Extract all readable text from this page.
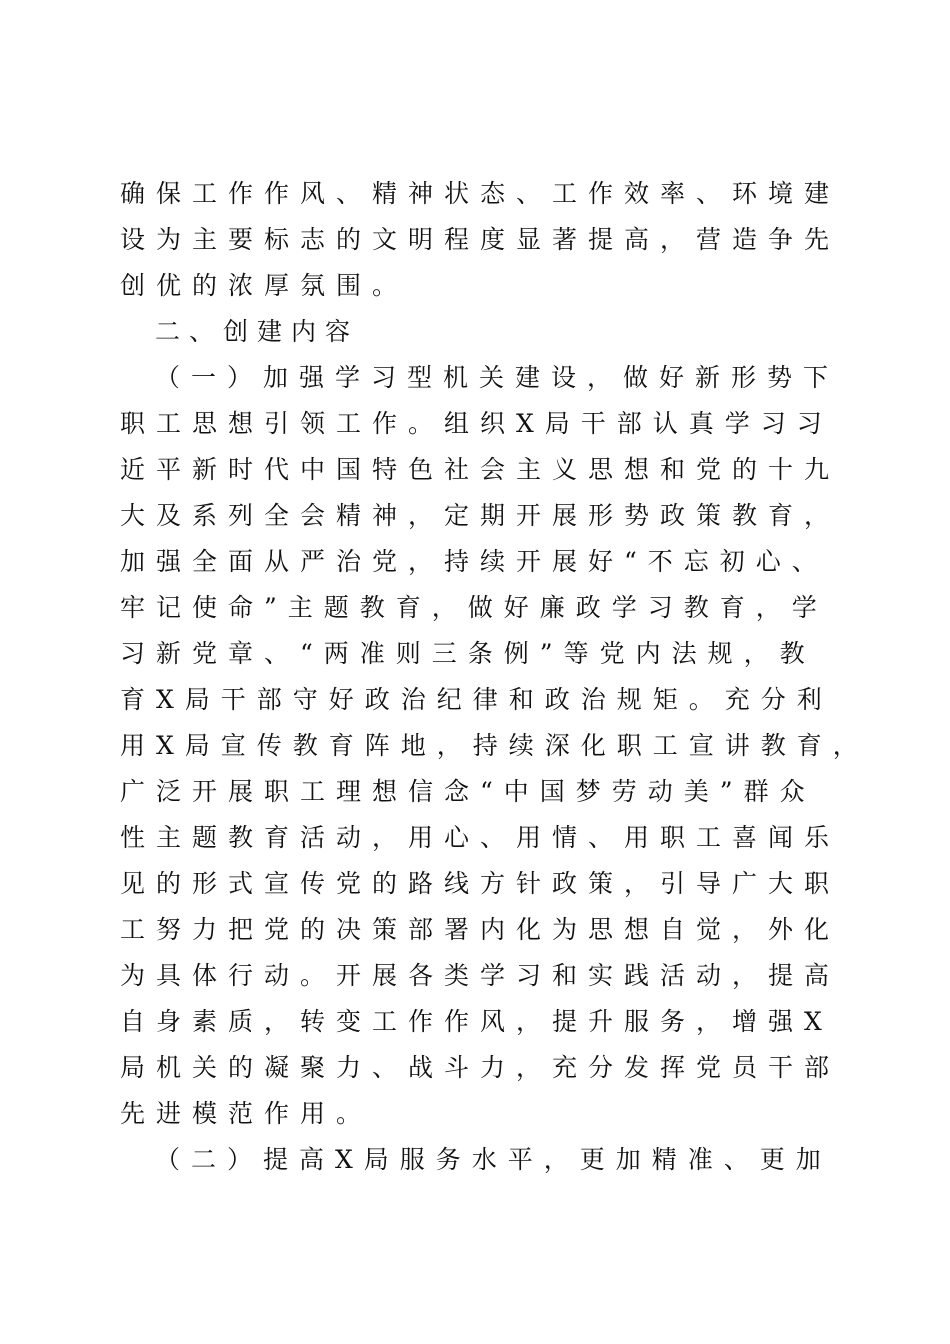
确保工作作风、精神状态、工作效率、环境建
设为主要标志的文明程度显著提高，营造争先
创优的浓厚氛围。
二、创建内容
（一）加强学习型机关建设，做好新形势下
职工思想引领工作。组织X局干部认真学习习
近平新时代中国特色社会主义思想和党的十九
大及系列全会精神，定期开展形势政策教育，
加强全面从严治党，持续开展好“不忘初心、
牢记使命”主题教育，做好廉政学习教育，学
习新党章、“两准则三条例”等党内法规，教
育X局干部守好政治纪律和政治规矩。充分利
用X局宣传教育阵地，持续深化职工宣讲教育，
广泛开展职工理想信念“中国梦劳动美”群众
性主题教育活动，用心、用情、用职工喜闻乐
见的形式宣传党的路线方针政策，引导广大职
工努力把党的决策部署内化为思想自觉，外化
为具体行动。开展各类学习和实践活动，提高
自身素质，转变工作作风，提升服务，增强X
局机关的凝聚力、战斗力，充分发挥党员干部
先进模范作用。
（二）提高X局服务水平，更加精准、更加
